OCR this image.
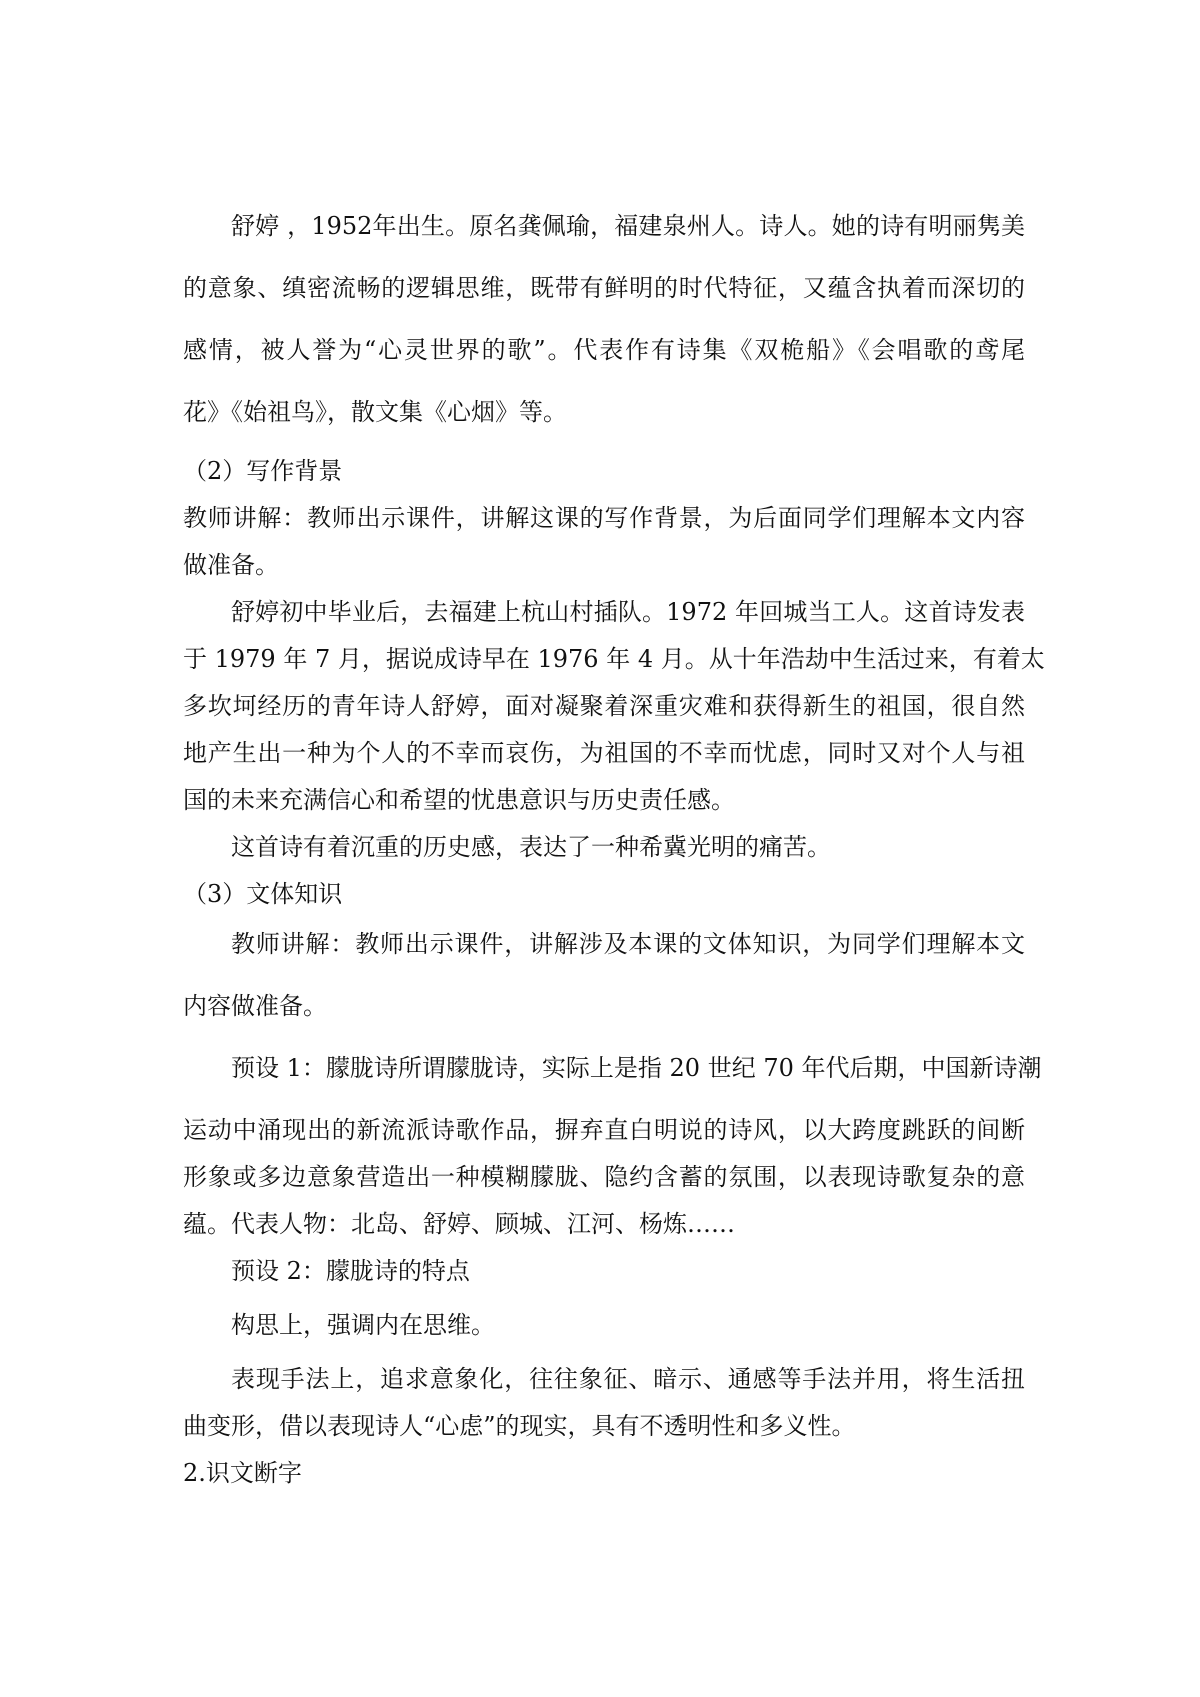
舒婷 ，1952年出生。原名龚佩瑜，福建泉州人。诗人。她的诗有明丽隽美
的意象、缜密流畅的逻辑思维，既带有鲜明的时代特征，又蕴含执着而深切的
感情，被人誉为“心灵世界的歌”。代表作有诗集《双桅船》《会唱歌的鸢尾
花》《始祖鸟》，散文集《心烟》等。
（2）写作背景
教师讲解：教师出示课件，讲解这课的写作背景，为后面同学们理解本文内容
做准备。
舒婷初中毕业后，去福建上杭山村插队。1972 年回城当工人。这首诗发表
于 1979 年 7 月，据说成诗早在 1976 年 4 月。从十年浩劫中生活过来，有着太
多坎坷经历的青年诗人舒婷，面对凝聚着深重灾难和获得新生的祖国，很自然
地产生出一种为个人的不幸而哀伤，为祖国的不幸而忧虑，同时又对个人与祖
国的未来充满信心和希望的忧患意识与历史责任感。
这首诗有着沉重的历史感，表达了一种希冀光明的痛苦。
（3）文体知识
教师讲解：教师出示课件，讲解涉及本课的文体知识，为同学们理解本文
内容做准备。
预设 1：朦胧诗所谓朦胧诗，实际上是指 20 世纪 70 年代后期，中国新诗潮
运动中涌现出的新流派诗歌作品，摒弃直白明说的诗风，以大跨度跳跃的间断
形象或多边意象营造出一种模糊朦胧、隐约含蓄的氛围，以表现诗歌复杂的意
蕴。代表人物：北岛、舒婷、顾城、江河、杨炼……
预设 2：朦胧诗的特点
构思上，强调内在思维。
表现手法上，追求意象化，往往象征、暗示、通感等手法并用，将生活扭
曲变形，借以表现诗人“心虑”的现实，具有不透明性和多义性。
2.识文断字
